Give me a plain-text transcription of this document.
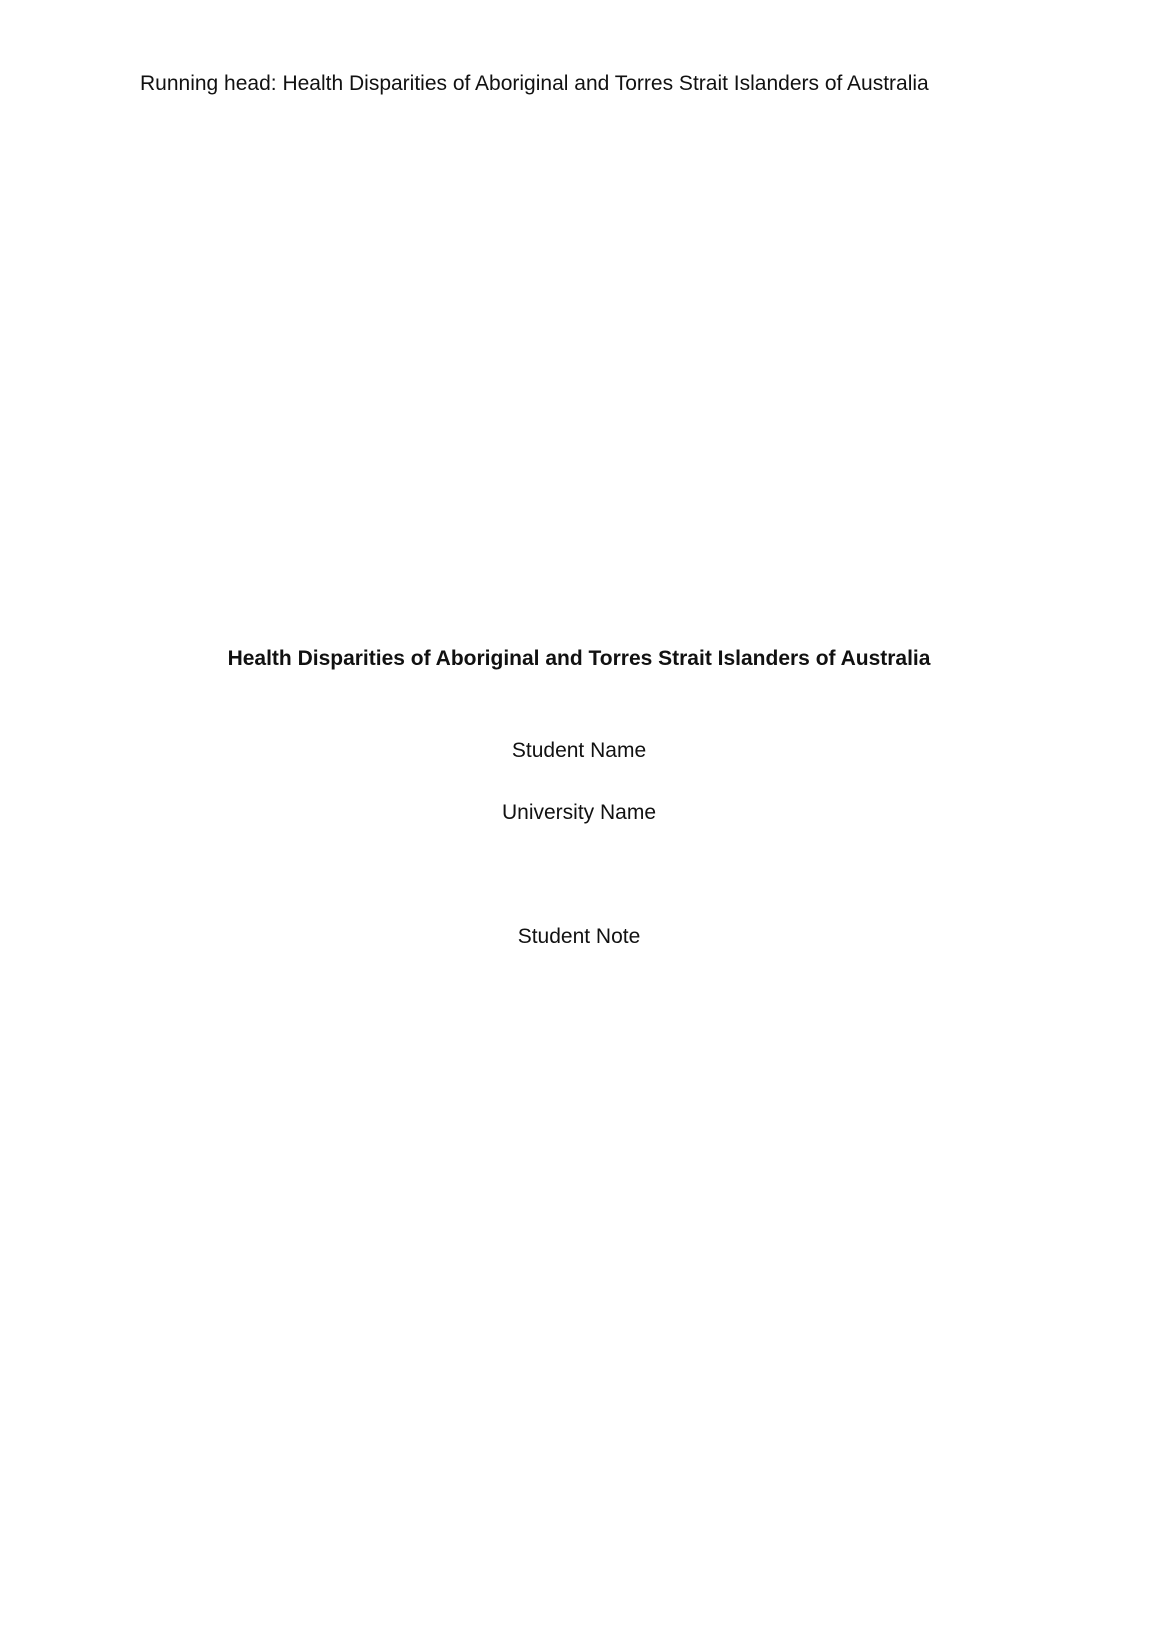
Running head: Health Disparities of Aboriginal and Torres Strait Islanders of Australia
Health Disparities of Aboriginal and Torres Strait Islanders of Australia
Student Name
University Name
Student Note
